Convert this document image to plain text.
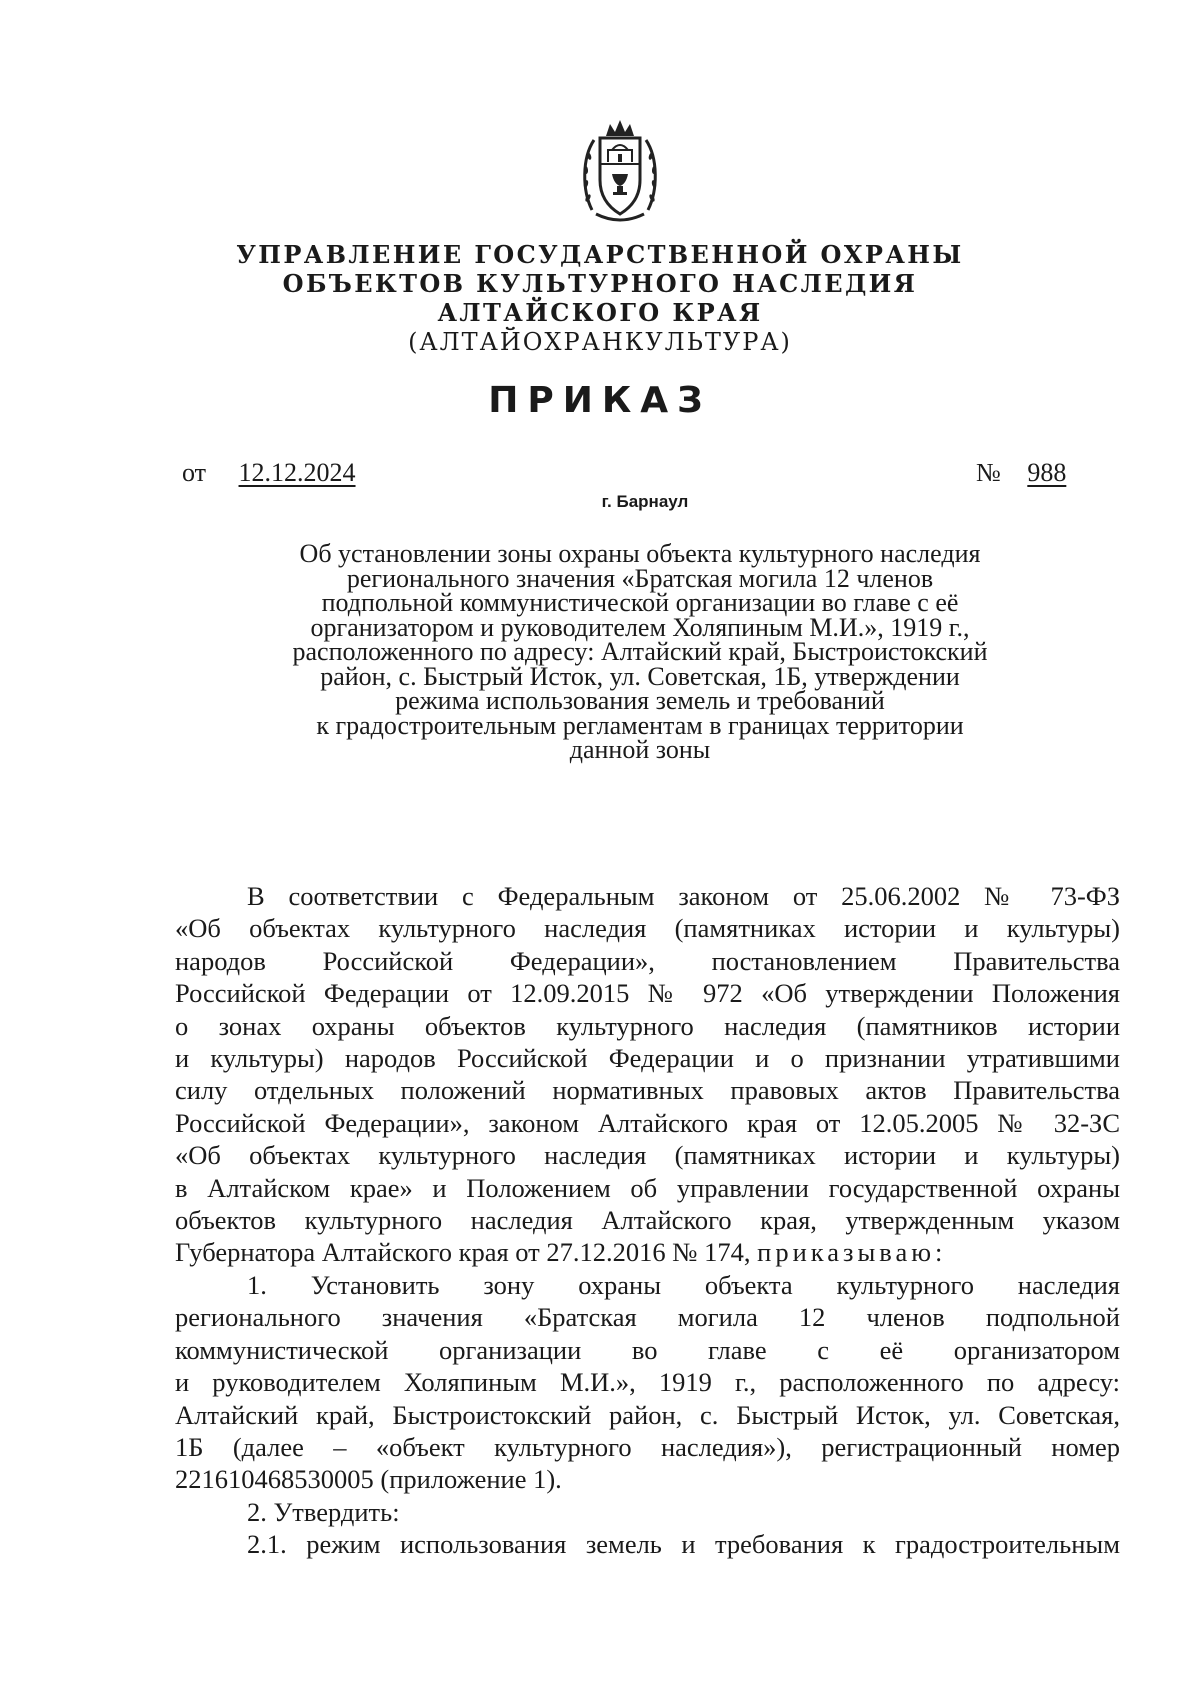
УПРАВЛЕНИЕ ГОСУДАРСТВЕННОЙ ОХРАНЫ
ОБЪЕКТОВ КУЛЬТУРНОГО НАСЛЕДИЯ
АЛТАЙСКОГО КРАЯ
(АЛТАЙОХРАНКУЛЬТУРА)
ПРИКАЗ
от 12.12.2024	№ 988
г. Барнаул
Об установлении зоны охраны объекта культурного наследия
регионального значения «Братская могила 12 членов
подпольной коммунистической организации во главе с её
организатором и руководителем Холяпиным М.И.», 1919 г.,
расположенного по адресу: Алтайский край, Быстроистокский
район, с. Быстрый Исток, ул. Советская, 1Б, утверждении
режима использования земель и требований
к градостроительным регламентам в границах территории
данной зоны
В соответствии с Федеральным законом от 25.06.2002 № 73-ФЗ
«Об объектах культурного наследия (памятниках истории и культуры)
народов Российской Федерации», постановлением Правительства
Российской Федерации от 12.09.2015 № 972 «Об утверждении Положения
о зонах охраны объектов культурного наследия (памятников истории
и культуры) народов Российской Федерации и о признании утратившими
силу отдельных положений нормативных правовых актов Правительства
Российской Федерации», законом Алтайского края от 12.05.2005 № 32-ЗС
«Об объектах культурного наследия (памятниках истории и культуры)
в Алтайском крае» и Положением об управлении государственной охраны
объектов культурного наследия Алтайского края, утвержденным указом
Губернатора Алтайского края от 27.12.2016 № 174, приказываю:
1. Установить зону охраны объекта культурного наследия
регионального значения «Братская могила 12 членов подпольной
коммунистической организации во главе с её организатором
и руководителем Холяпиным М.И.», 1919 г., расположенного по адресу:
Алтайский край, Быстроистокский район, с. Быстрый Исток, ул. Советская,
1Б (далее – «объект культурного наследия»), регистрационный номер
221610468530005 (приложение 1).
2. Утвердить:
2.1. режим использования земель и требования к градостроительным
